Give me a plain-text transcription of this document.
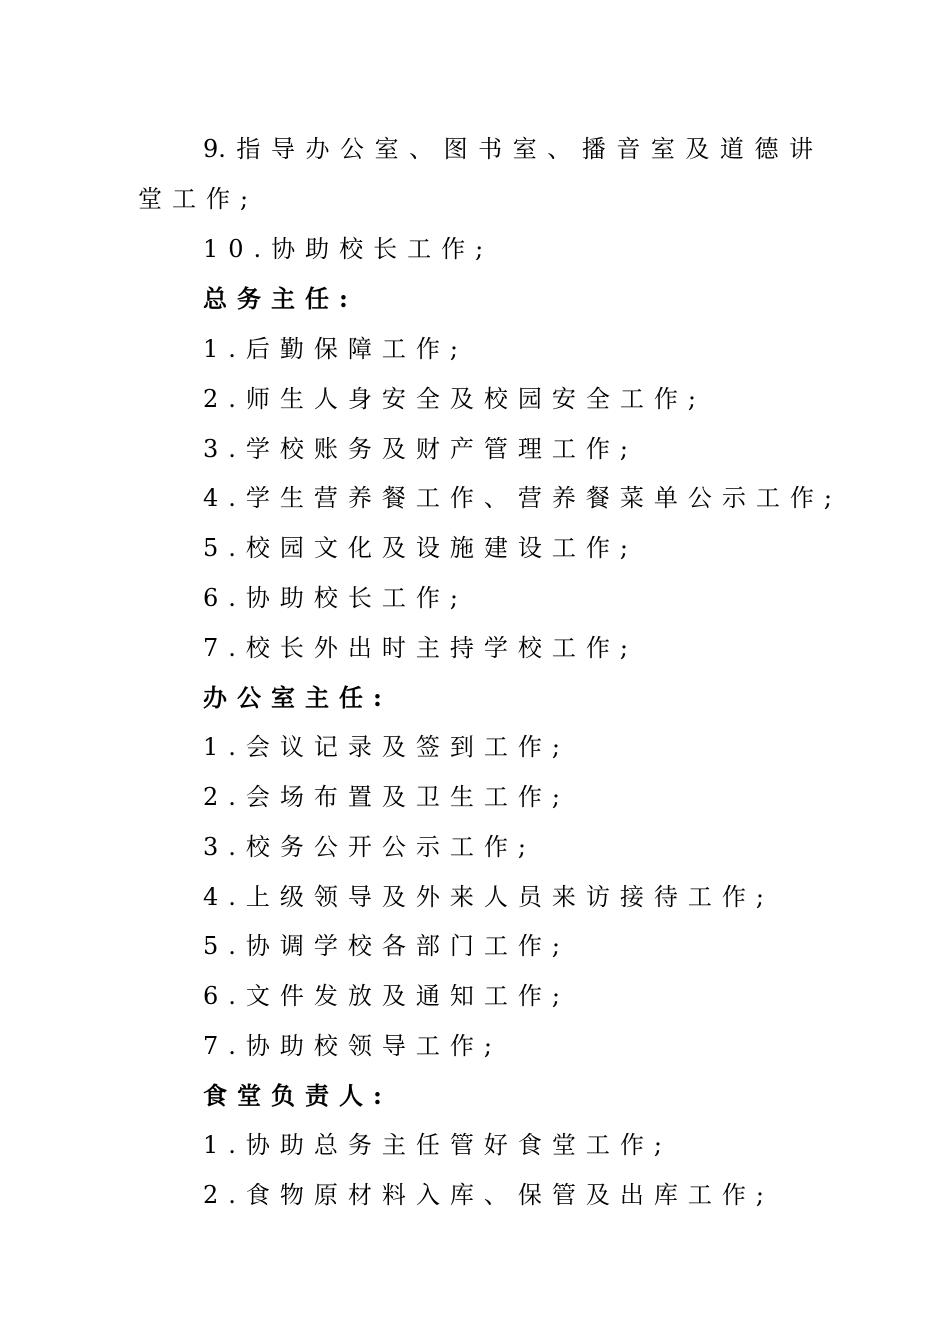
9.指导办公室、图书室、播音室及道德讲
堂工作;
10.协助校长工作;
总务主任:
1.后勤保障工作;
2.师生人身安全及校园安全工作;
3.学校账务及财产管理工作;
4.学生营养餐工作、营养餐菜单公示工作;
5.校园文化及设施建设工作;
6.协助校长工作;
7.校长外出时主持学校工作;
办公室主任:
1.会议记录及签到工作;
2.会场布置及卫生工作;
3.校务公开公示工作;
4.上级领导及外来人员来访接待工作;
5.协调学校各部门工作;
6.文件发放及通知工作;
7.协助校领导工作;
食堂负责人:
1.协助总务主任管好食堂工作;
2.食物原材料入库、保管及出库工作;
